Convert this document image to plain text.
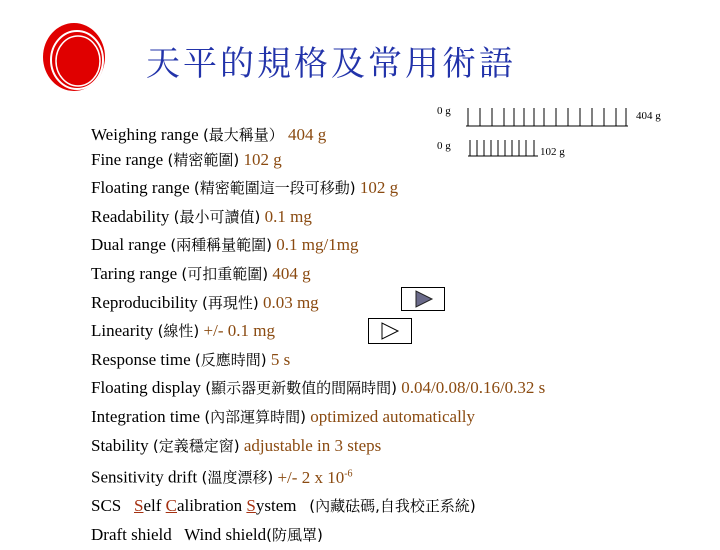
天平的規格及常用術語
0 g	404 g
0 g	102 g
Weighing range (最大稱量） 404 g
Fine range (精密範圍) 102 g
Floating range (精密範圍這一段可移動) 102 g
Readability (最小可讀值) 0.1 mg
Dual range (兩種稱量範圍) 0.1 mg/1mg
Taring range (可扣重範圍) 404 g
Reproducibility (再現性) 0.03 mg
Linearity (線性) +/- 0.1 mg
Response time (反應時間) 5 s
Floating display (顯示器更新數值的間隔時間) 0.04/0.08/0.16/0.32 s
Integration time (內部運算時間) optimized automatically
Stability (定義穩定窗) adjustable in 3 steps
Sensitivity drift (溫度漂移) +/- 2 x $10^{-6}$
SCS Self Calibration System (內藏砝碼,自我校正系統)
Draft shield Wind shield(防風罩)
